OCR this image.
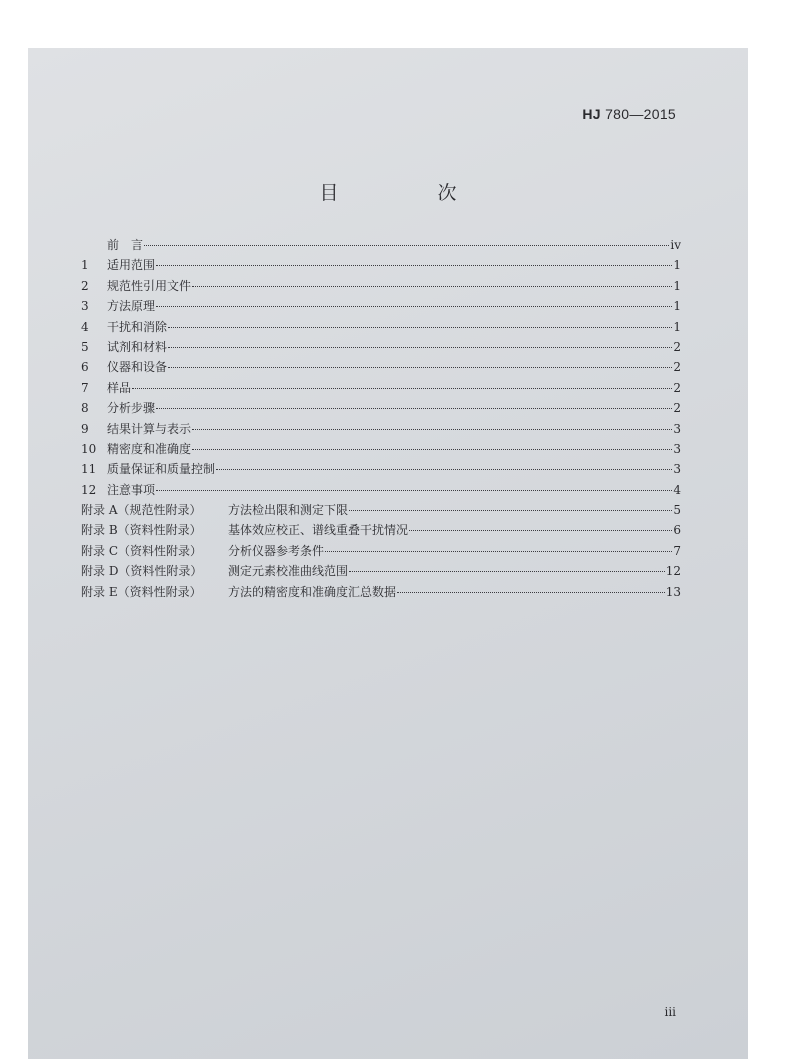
HJ 780—2015
目　次
前　言	iv
1	适用范围	1
2	规范性引用文件	1
3	方法原理	1
4	干扰和消除	1
5	试剂和材料	2
6	仪器和设备	2
7	样品	2
8	分析步骤	2
9	结果计算与表示	3
10 精密度和准确度	3
11 质量保证和质量控制	3
12 注意事项	4
附录 A（规范性附录）	方法检出限和测定下限	5
附录 B（资料性附录）	基体效应校正、谱线重叠干扰情况	6
附录 C（资料性附录）	分析仪器参考条件	7
附录 D（资料性附录）	测定元素校准曲线范围	12
附录 E（资料性附录）	方法的精密度和准确度汇总数据	13
iii
